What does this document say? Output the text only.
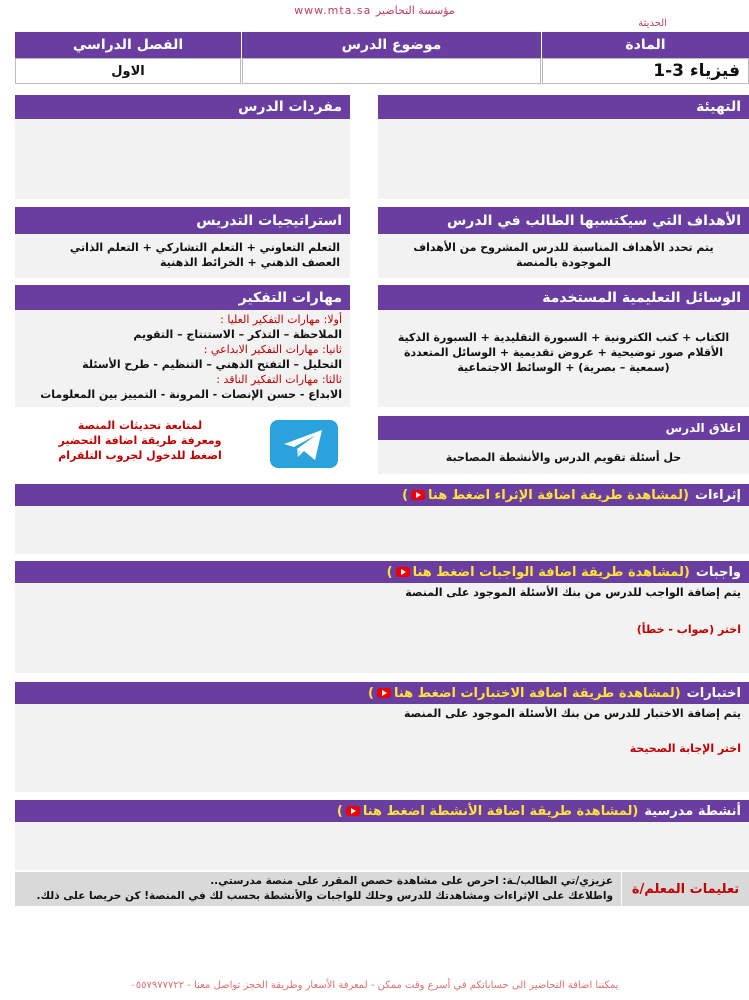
www.mta.sa مؤسسة التحاضير
الحديثة
المادة
موضوع الدرس
الفصل الدراسي
فيزياء 3-1
الاول
التهيئة
مفردات الدرس
الأهداف التي سيكتسبها الطالب في الدرس
يتم تحدد الأهداف المناسبة للدرس المشروح من الأهداف الموجودة بالمنصة
استراتيجيات التدريس
التعلم التعاوني + التعلم التشاركي + التعلم الذاتي
العصف الذهني + الخرائط الذهنية
الوسائل التعليمية المستخدمة
الكتاب + كتب الكترونية + السبورة التقليدية + السبورة الذكية
الأقلام صور توضيحية + عروض تقديمية + الوسائل المتعددة
(سمعية – بصرية) + الوسائط الاجتماعية
مهارات التفكير
أولا: مهارات التفكير العليا :
الملاحظة – التذكر – الاستنتاج – التقويم
ثانيا: مهارات التفكير الابداعي :
التحليل – التفتح الذهني – التنظيم - طرح الأسئلة
ثالثا: مهارات التفكير الناقد :
الابداع - حسن الإنصات - المرونة - التمييز بين المعلومات
اغلاق الدرس
حل أسئلة تقويم الدرس والأنشطة المصاحبة
لمتابعة تحديثات المنصة
ومعرفة طريقة اضافة التحضير
اضغط للدخول لجروب التلقرام
إثراءات
(لمشاهدة طريقة اضافة الإثراء اضغط هنا
)
واجبات
(لمشاهدة طريقة اضافة الواجبات اضغط هنا
)
يتم إضافة الواجب للدرس من بنك الأسئلة الموجود على المنصة
اختر (صواب - خطأ)
اختبارات
(لمشاهدة طريقة اضافة الاختبارات اضغط هنا
)
يتم إضافة الاختبار للدرس من بنك الأسئلة الموجود على المنصة
اختر الإجابة الصحيحة
أنشطة مدرسية
(لمشاهدة طريقة اضافة الأنشطة اضغط هنا
)
تعليمات المعلم/ة
عزيزي/تي الطالب/ـة: احرص على مشاهدة حصص المقرر على منصة مدرستي..
واطلاعك على الإثراءات ومشاهدتك للدرس وحلك للواجبات والأنشطة بحسب لك في المنصة! كن حريصا على ذلك.
يمكننا اضافة التحاضير الى حساباتكم في أسرع وقت ممكن - لمعرفة الأسعار وطريقة الحجز تواصل معنا - ٠٥٥٧٩٧٧٧٢٢
